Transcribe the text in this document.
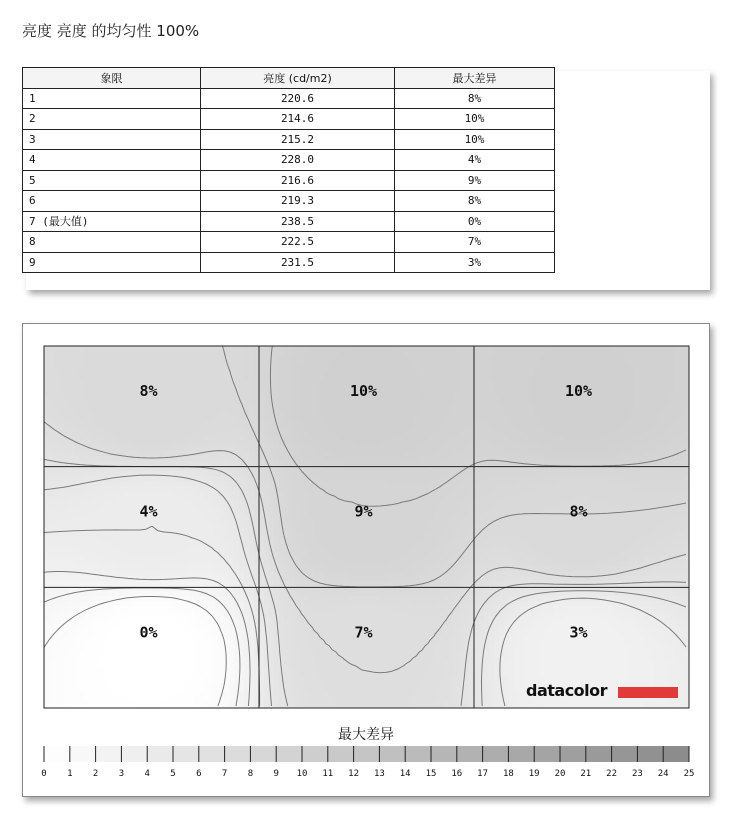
亮度 亮度 的均匀性 100%
象限	亮度 (cd/m2)	最大差异
1	220.6	8%
2	214.6	10%
3	215.2	10%
4	228.0	4%
5	216.6	9%
6	219.3	8%
7 (最大值)	238.5	0%
8	222.5	7%
9	231.5	3%
8%	10%	10%
4%	9%	8%
0%	7%	3%
datacolor
最大差异
0 1 2 3 4 5 6 7 8 9 10 11 12 13 14 15 16 17 18 19 20 21 22 23 24 25
